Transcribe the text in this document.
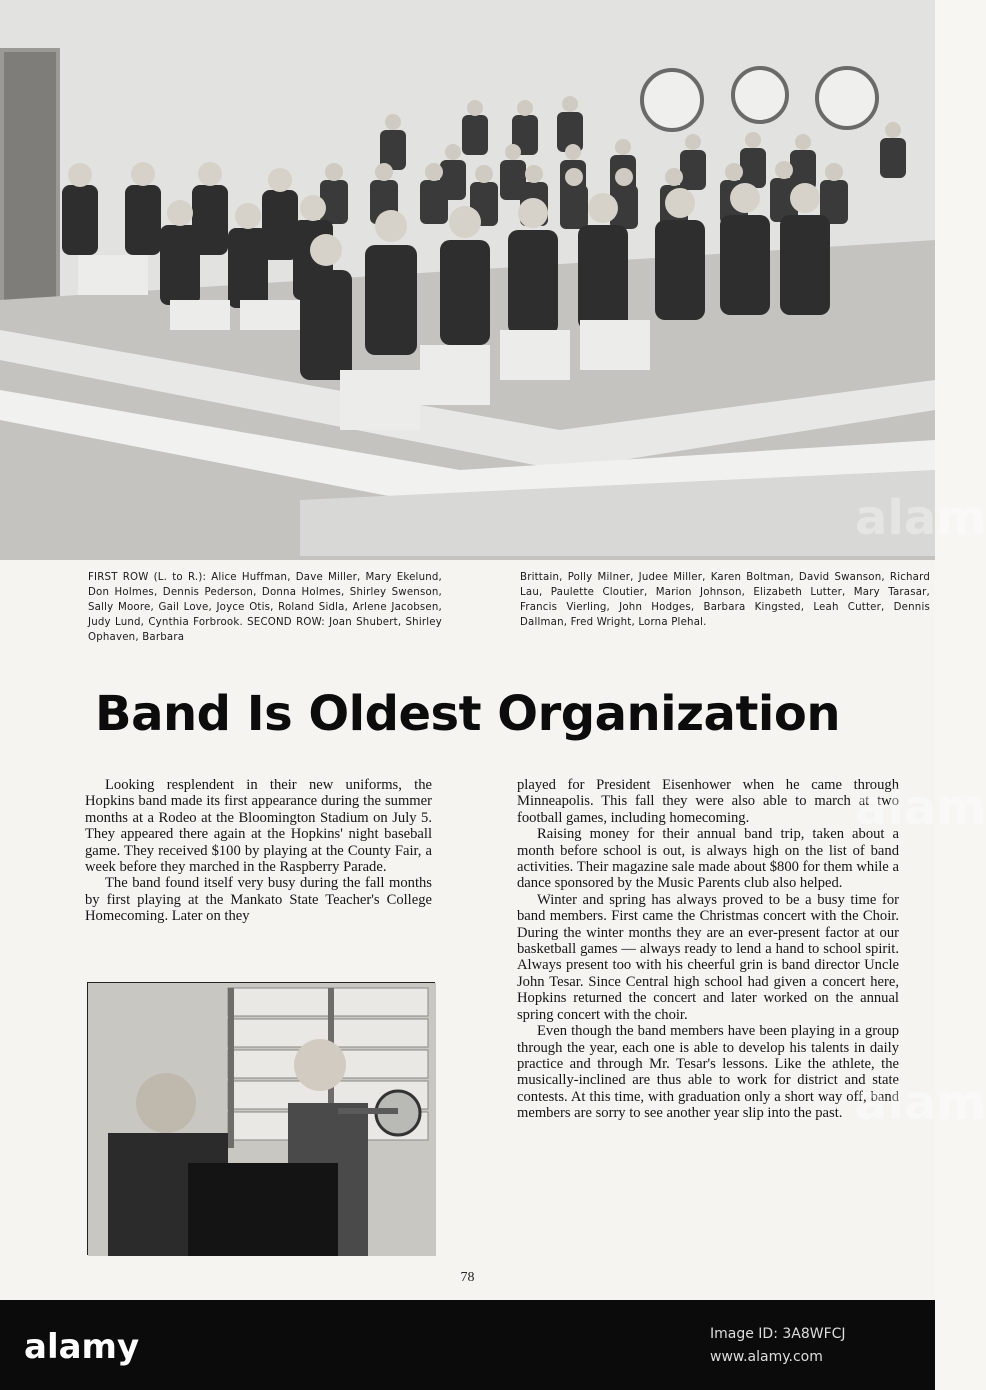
FIRST ROW (L. to R.): Alice Huffman, Dave Miller, Mary Ekelund, Don Holmes, Dennis Pederson, Donna Holmes, Shirley Swenson, Sally Moore, Gail Love, Joyce Otis, Roland Sidla, Arlene Jacobsen, Judy Lund, Cynthia Forbrook. SECOND ROW: Joan Shubert, Shirley Ophaven, Barbara
Brittain, Polly Milner, Judee Miller, Karen Boltman, David Swanson, Richard Lau, Paulette Cloutier, Marion Johnson, Elizabeth Lutter, Mary Tarasar, Francis Vierling, John Hodges, Barbara Kingsted, Leah Cutter, Dennis Dallman, Fred Wright, Lorna Plehal.
Band Is Oldest Organization

Looking resplendent in their new uniforms, the Hopkins band made its first appearance during the summer months at a Rodeo at the Bloomington Stadium on July 5. They appeared there again at the Hopkins' night baseball game. They received $100 by playing at the County Fair, a week before they marched in the Raspberry Parade.

The band found itself very busy during the fall months by first playing at the Mankato State Teacher's College Homecoming. Later on they

played for President Eisenhower when he came through Minneapolis. This fall they were also able to march at two football games, including homecoming.

Raising money for their annual band trip, taken about a month before school is out, is always high on the list of band activities. Their magazine sale made about $800 for them while a dance sponsored by the Music Parents club also helped.

Winter and spring has always proved to be a busy time for band members. First came the Christmas concert with the Choir. During the winter months they are an ever-present factor at our basketball games — always ready to lend a hand to school spirit. Always present too with his cheerful grin is band director Uncle John Tesar. Since Central high school had given a concert here, Hopkins returned the concert and later worked on the annual spring concert with the choir.

Even though the band members have been playing in a group through the year, each one is able to develop his talents in daily practice and through Mr. Tesar's lessons. Like the athlete, the musically-inclined are thus able to work for district and state contests. At this time, with graduation only a short way off, band members are sorry to see another year slip into the past.

78
alam
alam
alam
alamy	Image ID: 3A8WFCJ
www.alamy.com
